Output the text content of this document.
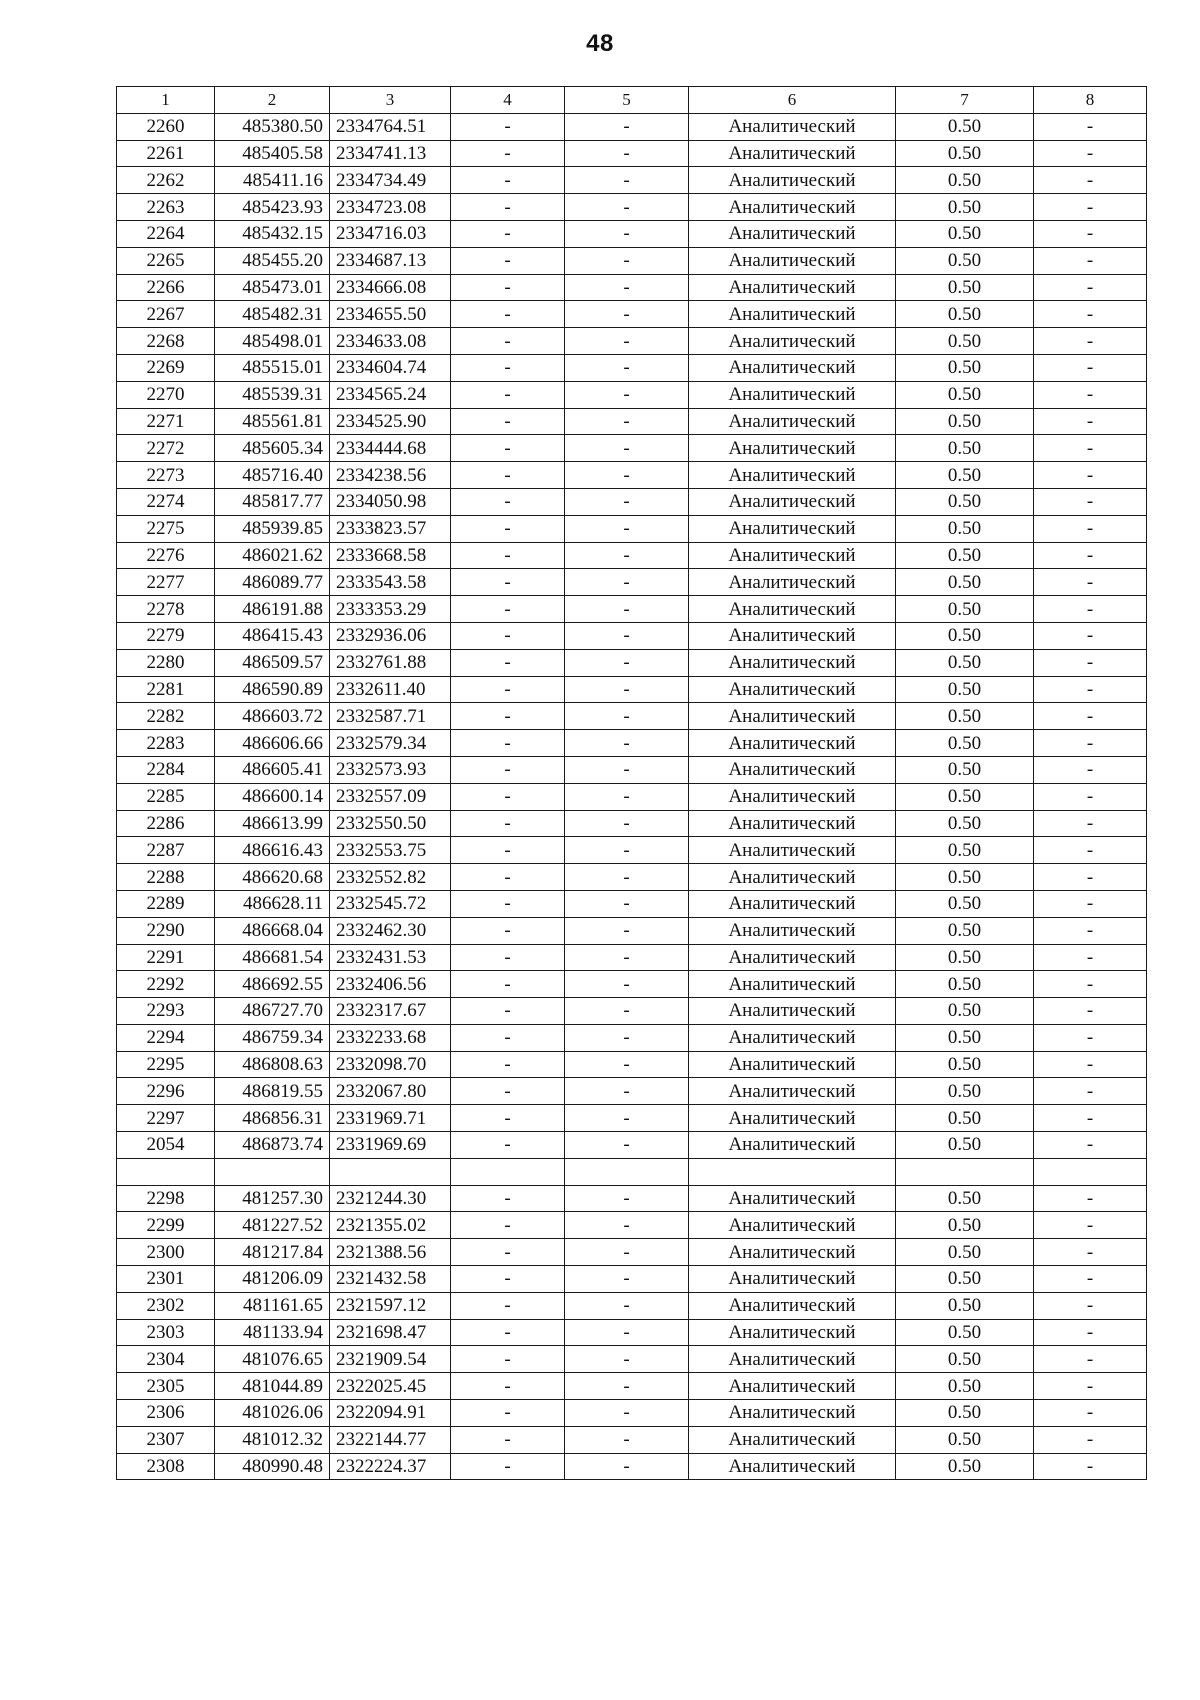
48
1	2	3	4	5	6	7	8
2260	485380.50	2334764.51	-	-	Аналитический	0.50	-
2261	485405.58	2334741.13	-	-	Аналитический	0.50	-
2262	485411.16	2334734.49	-	-	Аналитический	0.50	-
2263	485423.93	2334723.08	-	-	Аналитический	0.50	-
2264	485432.15	2334716.03	-	-	Аналитический	0.50	-
2265	485455.20	2334687.13	-	-	Аналитический	0.50	-
2266	485473.01	2334666.08	-	-	Аналитический	0.50	-
2267	485482.31	2334655.50	-	-	Аналитический	0.50	-
2268	485498.01	2334633.08	-	-	Аналитический	0.50	-
2269	485515.01	2334604.74	-	-	Аналитический	0.50	-
2270	485539.31	2334565.24	-	-	Аналитический	0.50	-
2271	485561.81	2334525.90	-	-	Аналитический	0.50	-
2272	485605.34	2334444.68	-	-	Аналитический	0.50	-
2273	485716.40	2334238.56	-	-	Аналитический	0.50	-
2274	485817.77	2334050.98	-	-	Аналитический	0.50	-
2275	485939.85	2333823.57	-	-	Аналитический	0.50	-
2276	486021.62	2333668.58	-	-	Аналитический	0.50	-
2277	486089.77	2333543.58	-	-	Аналитический	0.50	-
2278	486191.88	2333353.29	-	-	Аналитический	0.50	-
2279	486415.43	2332936.06	-	-	Аналитический	0.50	-
2280	486509.57	2332761.88	-	-	Аналитический	0.50	-
2281	486590.89	2332611.40	-	-	Аналитический	0.50	-
2282	486603.72	2332587.71	-	-	Аналитический	0.50	-
2283	486606.66	2332579.34	-	-	Аналитический	0.50	-
2284	486605.41	2332573.93	-	-	Аналитический	0.50	-
2285	486600.14	2332557.09	-	-	Аналитический	0.50	-
2286	486613.99	2332550.50	-	-	Аналитический	0.50	-
2287	486616.43	2332553.75	-	-	Аналитический	0.50	-
2288	486620.68	2332552.82	-	-	Аналитический	0.50	-
2289	486628.11	2332545.72	-	-	Аналитический	0.50	-
2290	486668.04	2332462.30	-	-	Аналитический	0.50	-
2291	486681.54	2332431.53	-	-	Аналитический	0.50	-
2292	486692.55	2332406.56	-	-	Аналитический	0.50	-
2293	486727.70	2332317.67	-	-	Аналитический	0.50	-
2294	486759.34	2332233.68	-	-	Аналитический	0.50	-
2295	486808.63	2332098.70	-	-	Аналитический	0.50	-
2296	486819.55	2332067.80	-	-	Аналитический	0.50	-
2297	486856.31	2331969.71	-	-	Аналитический	0.50	-
2054	486873.74	2331969.69	-	-	Аналитический	0.50	-

2298	481257.30	2321244.30	-	-	Аналитический	0.50	-
2299	481227.52	2321355.02	-	-	Аналитический	0.50	-
2300	481217.84	2321388.56	-	-	Аналитический	0.50	-
2301	481206.09	2321432.58	-	-	Аналитический	0.50	-
2302	481161.65	2321597.12	-	-	Аналитический	0.50	-
2303	481133.94	2321698.47	-	-	Аналитический	0.50	-
2304	481076.65	2321909.54	-	-	Аналитический	0.50	-
2305	481044.89	2322025.45	-	-	Аналитический	0.50	-
2306	481026.06	2322094.91	-	-	Аналитический	0.50	-
2307	481012.32	2322144.77	-	-	Аналитический	0.50	-
2308	480990.48	2322224.37	-	-	Аналитический	0.50	-
